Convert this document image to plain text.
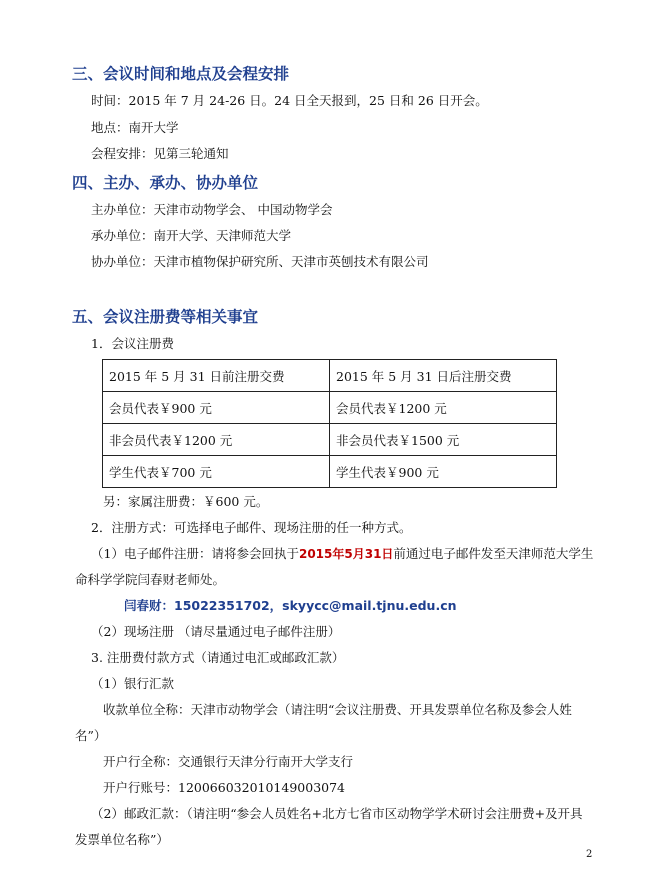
三、会议时间和地点及会程安排
时间：2015 年 7 月 24-26 日。24 日全天报到，25 日和 26 日开会。
地点：南开大学
会程安排：见第三轮通知
四、主办、承办、协办单位
主办单位：天津市动物学会、 中国动物学会
承办单位：南开大学、天津师范大学
协办单位：天津市植物保护研究所、天津市英刨技术有限公司
五、会议注册费等相关事宜
1．会议注册费
2015 年 5 月 31 日前注册交费	2015 年 5 月 31 日后注册交费
会员代表￥900 元	会员代表￥1200 元
非会员代表￥1200 元	非会员代表￥1500 元
学生代表￥700 元	学生代表￥900 元
另：家属注册费：￥600 元。
2．注册方式：可选择电子邮件、现场注册的任一种方式。
（1）电子邮件注册：请将参会回执于2015年5月31日前通过电子邮件发至天津师范大学生命科学学院闫春财老师处。
闫春财：15022351702，skyycc@mail.tjnu.edu.cn
（2）现场注册 （请尽量通过电子邮件注册）
3. 注册费付款方式（请通过电汇或邮政汇款）
（1）银行汇款
收款单位全称：天津市动物学会（请注明“会议注册费、开具发票单位名称及参会人姓名”）
开户行全称：交通银行天津分行南开大学支行
开户行账号：120066032010149003074
（2）邮政汇款：（请注明“参会人员姓名+北方七省市区动物学学术研讨会注册费+及开具发票单位名称”）
2
